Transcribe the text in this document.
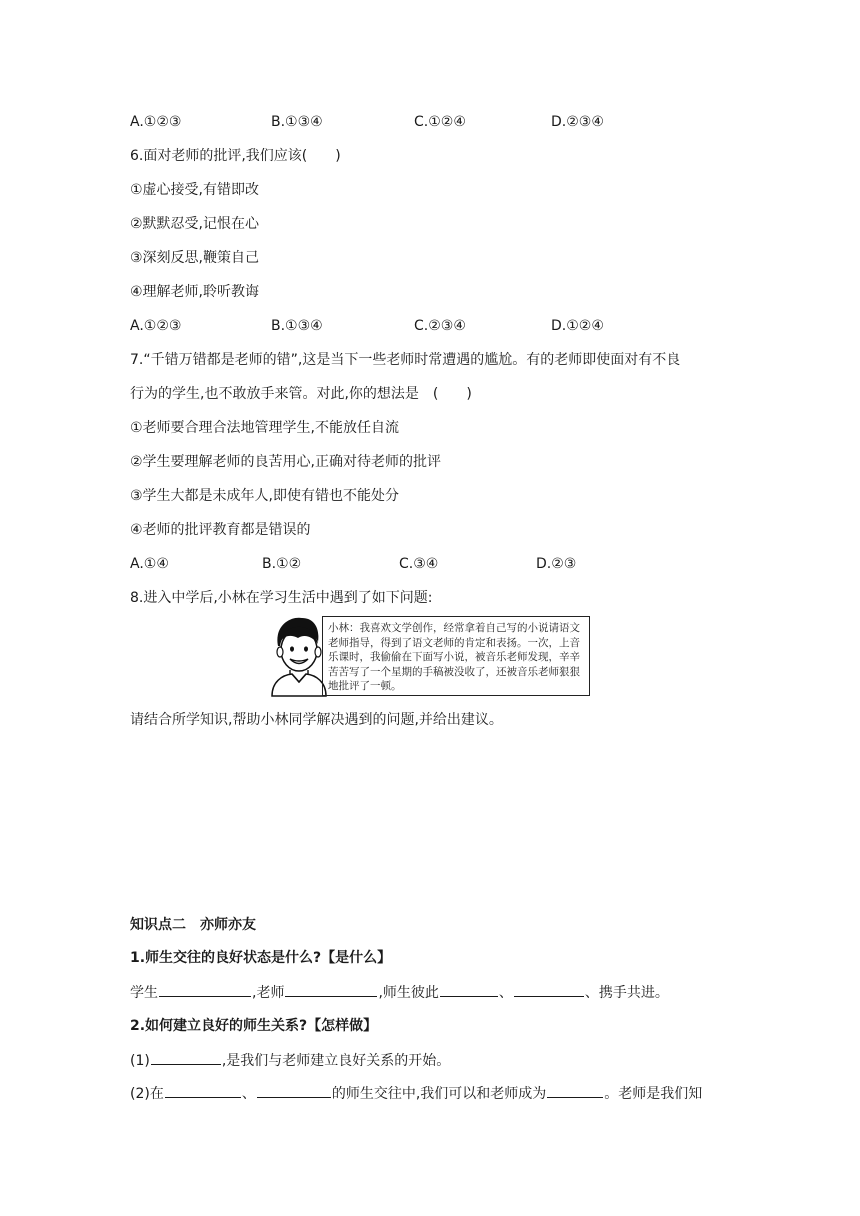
A.①②③	B.①③④	C.①②④	D.②③④
6.面对老师的批评,我们应该(　　)
①虚心接受,有错即改
②默默忍受,记恨在心
③深刻反思,鞭策自己
④理解老师,聆听教诲
A.①②③	B.①③④	C.②③④	D.①②④
7.“千错万错都是老师的错”,这是当下一些老师时常遭遇的尴尬。有的老师即使面对有不良
行为的学生,也不敢放手来管。对此,你的想法是　(　　)
①老师要合理合法地管理学生,不能放任自流
②学生要理解老师的良苦用心,正确对待老师的批评
③学生大都是未成年人,即使有错也不能处分
④老师的批评教育都是错误的
A.①④	B.①②	C.③④	D.②③
8.进入中学后,小林在学习生活中遇到了如下问题:
小林：我喜欢文学创作，经常拿着自己写的小说请语文老师指导，得到了语文老师的肯定和表扬。一次，上音乐课时，我偷偷在下面写小说，被音乐老师发现，辛辛苦苦写了一个星期的手稿被没收了，还被音乐老师狠狠地批评了一顿。
请结合所学知识,帮助小林同学解决遇到的问题,并给出建议。
知识点二　亦师亦友
1.师生交往的良好状态是什么?【是什么】
学生	,老师	,师生彼此	、	、携手共进。
2.如何建立良好的师生关系?【怎样做】
(1)	,是我们与老师建立良好关系的开始。
(2)在	、	的师生交往中,我们可以和老师成为	。老师是我们知
